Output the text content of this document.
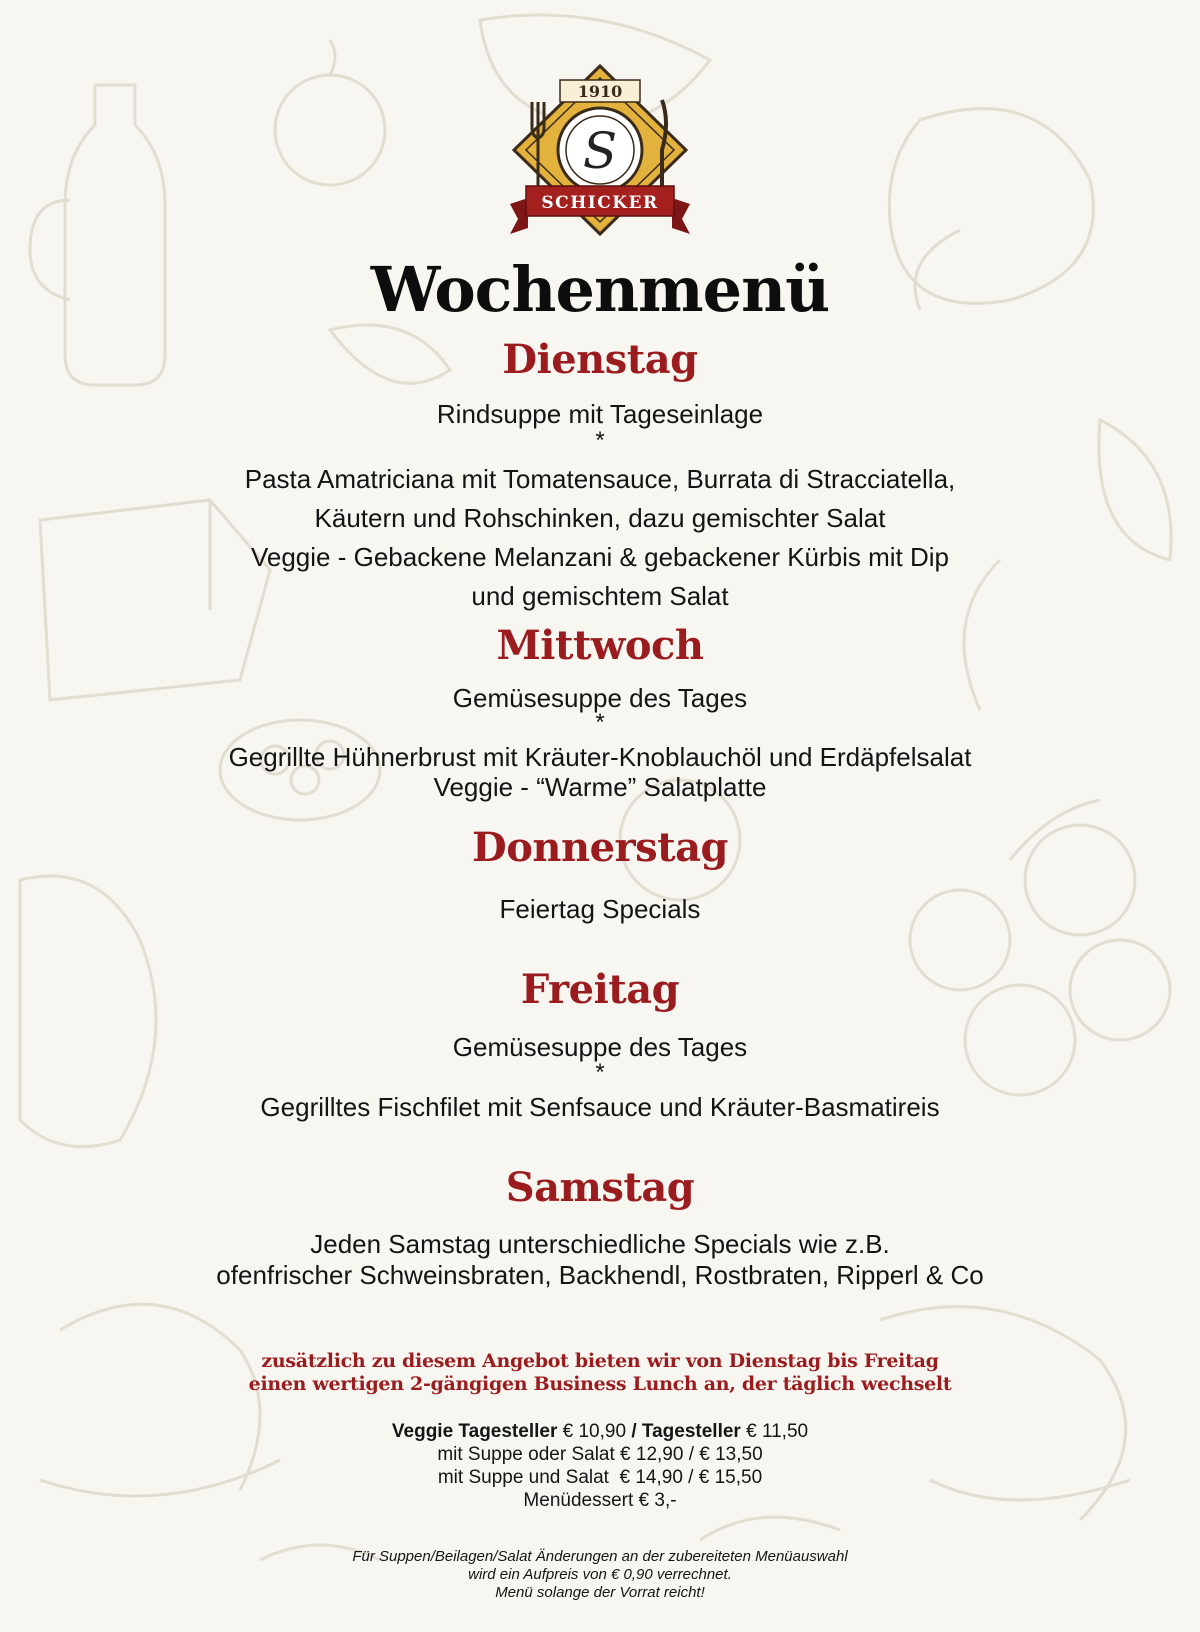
1910
S
SCHICKER
Wochenmenü
Dienstag
Rindsuppe mit Tageseinlage
*
Pasta Amatriciana mit Tomatensauce, Burrata di Stracciatella,
Käutern und Rohschinken, dazu gemischter Salat
Veggie - Gebackene Melanzani & gebackener Kürbis mit Dip
und gemischtem Salat
Mittwoch
Gemüsesuppe des Tages
*
Gegrillte Hühnerbrust mit Kräuter-Knoblauchöl und Erdäpfelsalat
Veggie - “Warme” Salatplatte
Donnerstag
Feiertag Specials
Freitag
Gemüsesuppe des Tages
*
Gegrilltes Fischfilet mit Senfsauce und Kräuter-Basmatireis
Samstag
Jeden Samstag unterschiedliche Specials wie z.B.
ofenfrischer Schweinsbraten, Backhendl, Rostbraten, Ripperl & Co
zusätzlich zu diesem Angebot bieten wir von Dienstag bis Freitag
einen wertigen 2-gängigen Business Lunch an, der täglich wechselt
Veggie Tagesteller € 10,90 / Tagesteller € 11,50
mit Suppe oder Salat € 12,90 / € 13,50
mit Suppe und Salat  € 14,90 / € 15,50
Menüdessert € 3,-
Für Suppen/Beilagen/Salat Änderungen an der zubereiteten Menüauswahl
wird ein Aufpreis von € 0,90 verrechnet.
Menü solange der Vorrat reicht!
